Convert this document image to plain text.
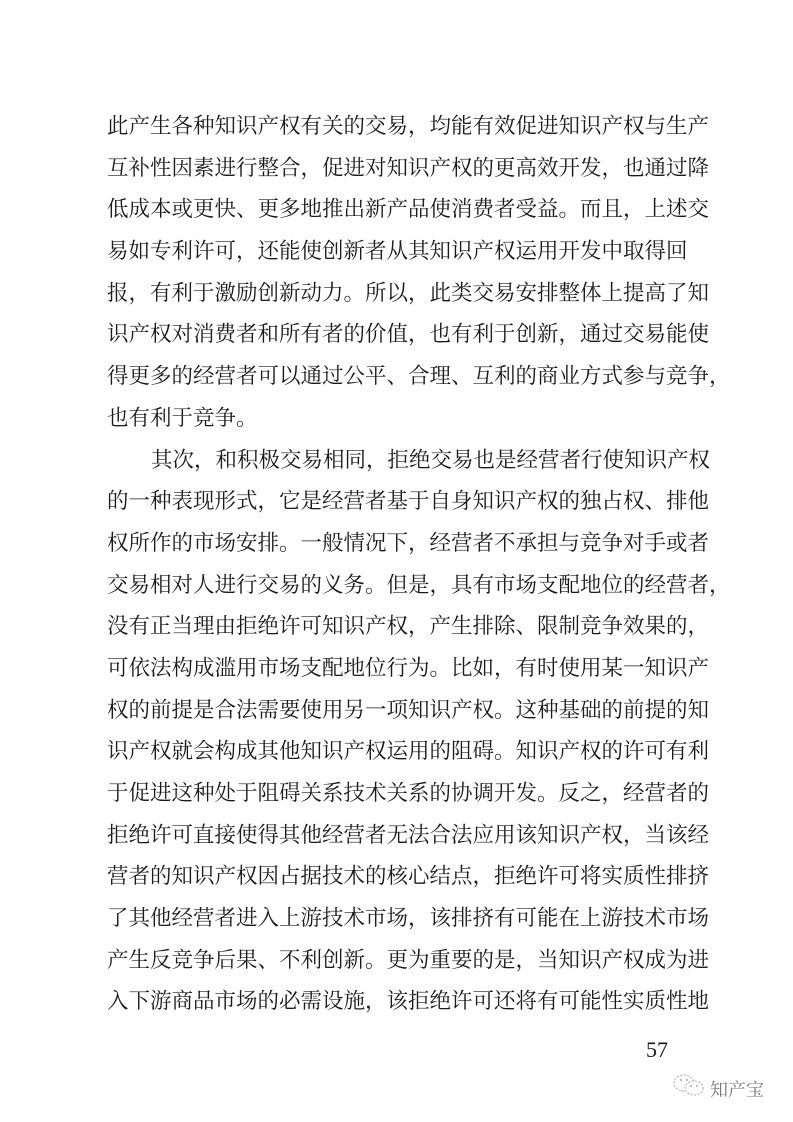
此产生各种知识产权有关的交易，均能有效促进知识产权与生产
互补性因素进行整合，促进对知识产权的更高效开发，也通过降
低成本或更快、更多地推出新产品使消费者受益。而且，上述交
易如专利许可，还能使创新者从其知识产权运用开发中取得回
报，有利于激励创新动力。所以，此类交易安排整体上提高了知
识产权对消费者和所有者的价值，也有利于创新，通过交易能使
得更多的经营者可以通过公平、合理、互利的商业方式参与竞争，
也有利于竞争。
其次，和积极交易相同，拒绝交易也是经营者行使知识产权
的一种表现形式，它是经营者基于自身知识产权的独占权、排他
权所作的市场安排。一般情况下，经营者不承担与竞争对手或者
交易相对人进行交易的义务。但是，具有市场支配地位的经营者，
没有正当理由拒绝许可知识产权，产生排除、限制竞争效果的，
可依法构成滥用市场支配地位行为。比如，有时使用某一知识产
权的前提是合法需要使用另一项知识产权。这种基础的前提的知
识产权就会构成其他知识产权运用的阻碍。知识产权的许可有利
于促进这种处于阻碍关系技术关系的协调开发。反之，经营者的
拒绝许可直接使得其他经营者无法合法应用该知识产权，当该经
营者的知识产权因占据技术的核心结点，拒绝许可将实质性排挤
了其他经营者进入上游技术市场，该排挤有可能在上游技术市场
产生反竞争后果、不利创新。更为重要的是，当知识产权成为进
入下游商品市场的必需设施，该拒绝许可还将有可能性实质性地
57
知产宝
